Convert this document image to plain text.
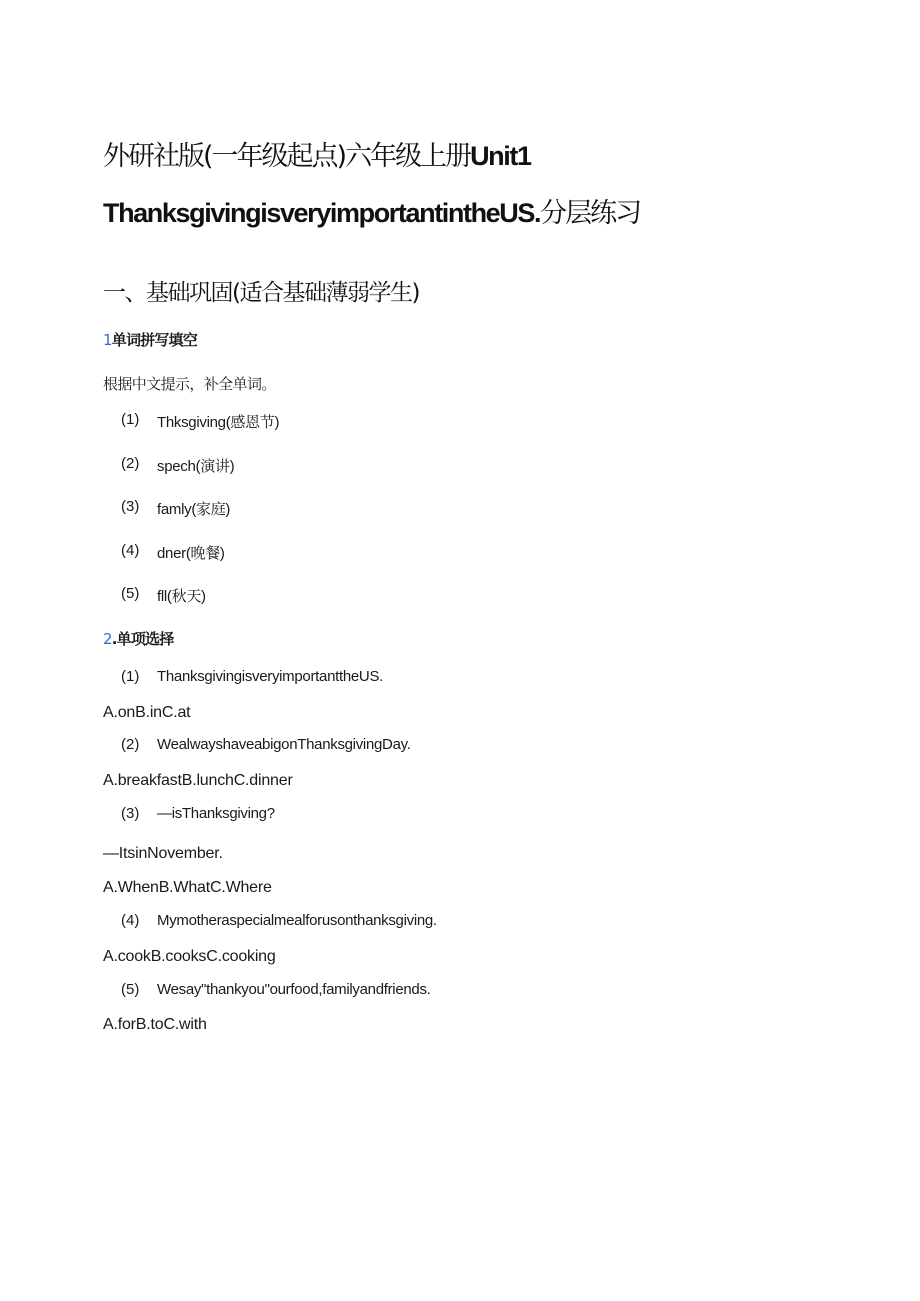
外研社版(一年级起点)六年级上册Unit1
ThanksgivingisveryimportantintheUS.分层练习
一、基础巩固(适合基础薄弱学生)
1单词拼写填空
根据中文提示，补全单词。
(1)	Thksgiving(感恩节)
(2)	spech(演讲)
(3)	famly(家庭)
(4)	dner(晚餐)
(5)	fll(秋天)
2.单项选择
(1)	ThanksgivingisveryimportanttheUS.
A.onB.inC.at
(2)	WealwayshaveabigonThanksgivingDay.
A.breakfastB.lunchC.dinner
(3)	—isThanksgiving?
—ItsinNovember.
A.WhenB.WhatC.Where
(4)	Mymotheraspecialmealforusonthanksgiving.
A.cookB.cooksC.cooking
(5)	Wesay"thankyou"ourfood,familyandfriends.
A.forB.toC.with
